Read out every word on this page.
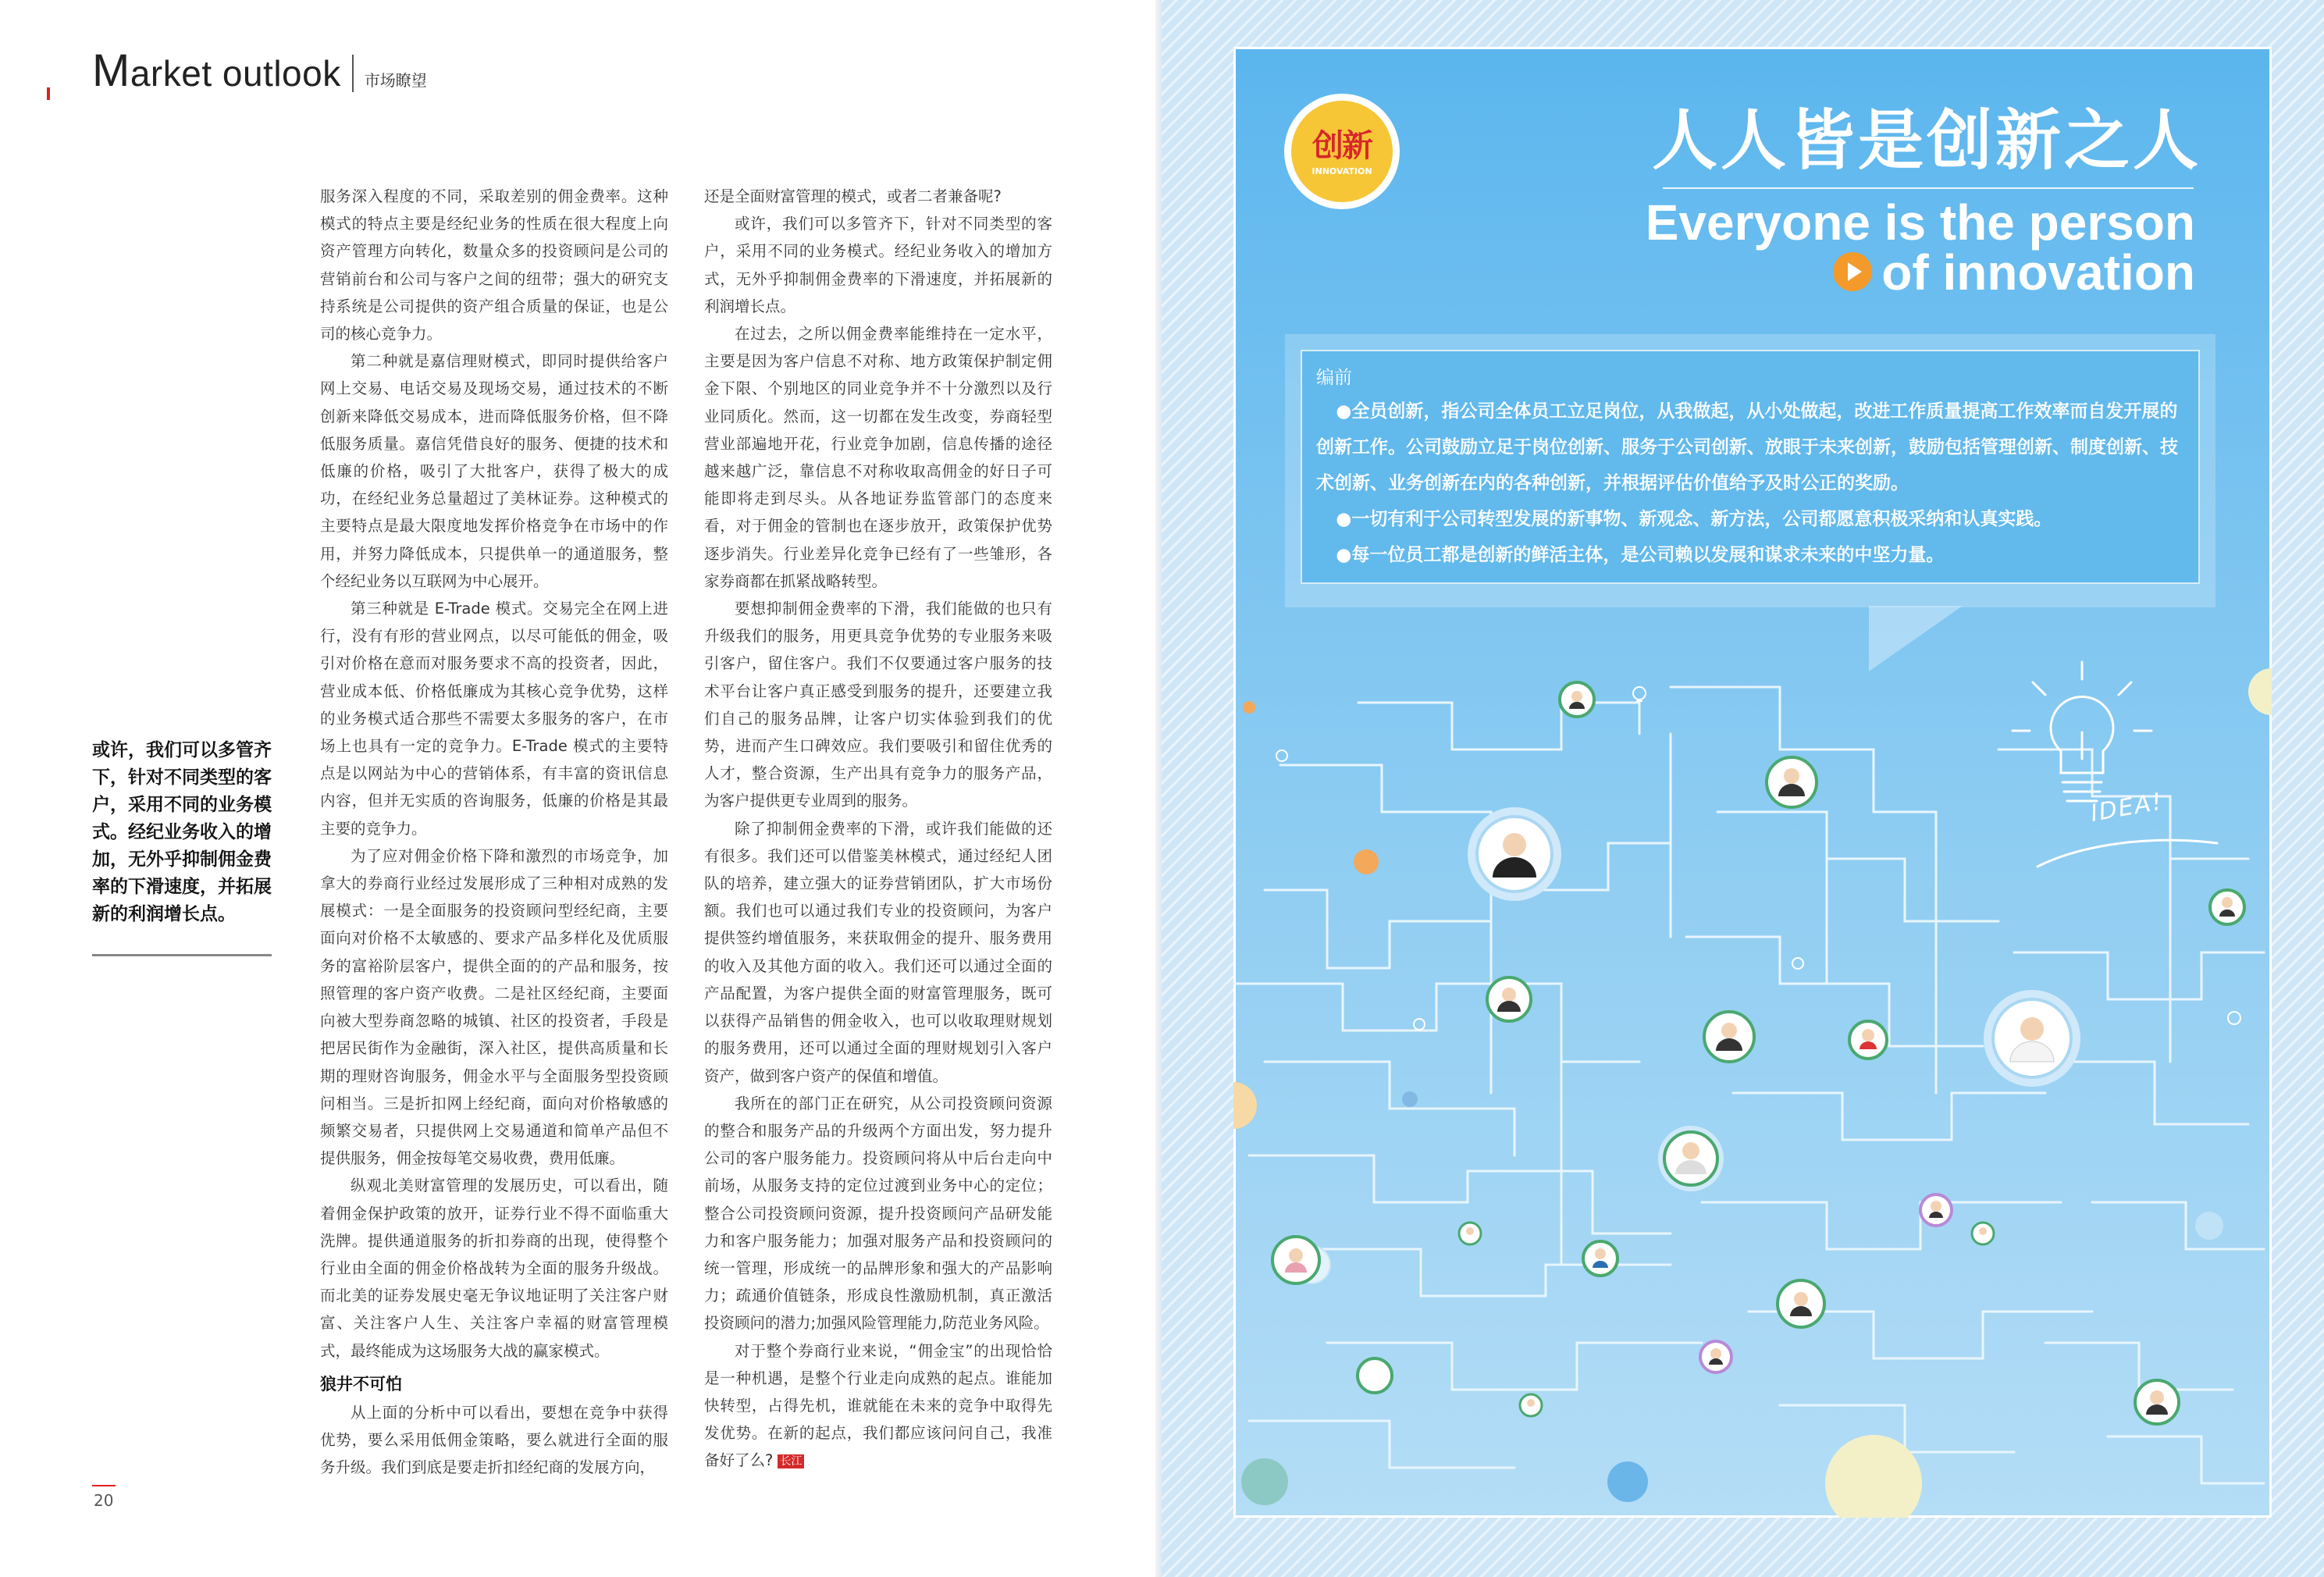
Market outlook 市场瞭望
或许，我们可以多管齐下，针对不同类型的客户，采用不同的业务模式。经纪业务收入的增加，无外乎抑制佣金费率的下滑速度，并拓展新的利润增长点。

服务深入程度的不同，采取差别的佣金费率。这种模式的特点主要是经纪业务的性质在很大程度上向资产管理方向转化，数量众多的投资顾问是公司的营销前台和公司与客户之间的纽带；强大的研究支持系统是公司提供的资产组合质量的保证，也是公司的核心竞争力。

第二种就是嘉信理财模式，即同时提供给客户网上交易、电话交易及现场交易，通过技术的不断创新来降低交易成本，进而降低服务价格，但不降低服务质量。嘉信凭借良好的服务、便捷的技术和低廉的价格，吸引了大批客户，获得了极大的成功，在经纪业务总量超过了美林证券。这种模式的主要特点是最大限度地发挥价格竞争在市场中的作用，并努力降低成本，只提供单一的通道服务，整个经纪业务以互联网为中心展开。

第三种就是 E-Trade 模式。交易完全在网上进行，没有有形的营业网点，以尽可能低的佣金，吸引对价格在意而对服务要求不高的投资者，因此，营业成本低、价格低廉成为其核心竞争优势，这样的业务模式适合那些不需要太多服务的客户，在市场上也具有一定的竞争力。E-Trade 模式的主要特点是以网站为中心的营销体系，有丰富的资讯信息内容，但并无实质的咨询服务，低廉的价格是其最主要的竞争力。

为了应对佣金价格下降和激烈的市场竞争，加拿大的券商行业经过发展形成了三种相对成熟的发展模式：一是全面服务的投资顾问型经纪商，主要面向对价格不太敏感的、要求产品多样化及优质服务的富裕阶层客户，提供全面的的产品和服务，按照管理的客户资产收费。二是社区经纪商，主要面向被大型券商忽略的城镇、社区的投资者，手段是把居民街作为金融街，深入社区，提供高质量和长期的理财咨询服务，佣金水平与全面服务型投资顾问相当。三是折扣网上经纪商，面向对价格敏感的频繁交易者，只提供网上交易通道和简单产品但不提供服务，佣金按每笔交易收费，费用低廉。

纵观北美财富管理的发展历史，可以看出，随着佣金保护政策的放开，证券行业不得不面临重大洗牌。提供通道服务的折扣券商的出现，使得整个行业由全面的佣金价格战转为全面的服务升级战。而北美的证券发展史毫无争议地证明了关注客户财富、关注客户人生、关注客户幸福的财富管理模式，最终能成为这场服务大战的赢家模式。

狼井不可怕

从上面的分析中可以看出，要想在竞争中获得优势，要么采用低佣金策略，要么就进行全面的服务升级。我们到底是要走折扣经纪商的发展方向，

还是全面财富管理的模式，或者二者兼备呢?

或许，我们可以多管齐下，针对不同类型的客户，采用不同的业务模式。经纪业务收入的增加方式，无外乎抑制佣金费率的下滑速度，并拓展新的利润增长点。

在过去，之所以佣金费率能维持在一定水平，主要是因为客户信息不对称、地方政策保护制定佣金下限、个别地区的同业竞争并不十分激烈以及行业同质化。然而，这一切都在发生改变，券商轻型营业部遍地开花，行业竞争加剧，信息传播的途径越来越广泛，靠信息不对称收取高佣金的好日子可能即将走到尽头。从各地证券监管部门的态度来看，对于佣金的管制也在逐步放开，政策保护优势逐步消失。行业差异化竞争已经有了一些雏形，各家券商都在抓紧战略转型。

要想抑制佣金费率的下滑，我们能做的也只有升级我们的服务，用更具竞争优势的专业服务来吸引客户，留住客户。我们不仅要通过客户服务的技术平台让客户真正感受到服务的提升，还要建立我们自己的服务品牌，让客户切实体验到我们的优势，进而产生口碑效应。我们要吸引和留住优秀的人才，整合资源，生产出具有竞争力的服务产品，为客户提供更专业周到的服务。

除了抑制佣金费率的下滑，或许我们能做的还有很多。我们还可以借鉴美林模式，通过经纪人团队的培养，建立强大的证券营销团队，扩大市场份额。我们也可以通过我们专业的投资顾问，为客户提供签约增值服务，来获取佣金的提升、服务费用的收入及其他方面的收入。我们还可以通过全面的产品配置，为客户提供全面的财富管理服务，既可以获得产品销售的佣金收入，也可以收取理财规划的服务费用，还可以通过全面的理财规划引入客户资产，做到客户资产的保值和增值。

我所在的部门正在研究，从公司投资顾问资源的整合和服务产品的升级两个方面出发，努力提升公司的客户服务能力。投资顾问将从中后台走向中前场，从服务支持的定位过渡到业务中心的定位；整合公司投资顾问资源，提升投资顾问产品研发能力和客户服务能力；加强对服务产品和投资顾问的统一管理，形成统一的品牌形象和强大的产品影响力；疏通价值链条，形成良性激励机制，真正激活投资顾问的潜力;加强风险管理能力,防范业务风险。

对于整个券商行业来说，“佣金宝”的出现恰恰是一种机遇，是整个行业走向成熟的起点。谁能加快转型，占得先机，谁就能在未来的竞争中取得先发优势。在新的起点，我们都应该问问自己，我准备好了么? 长江

20
创新
INNOVATION	人人皆是创新之人
Everyone is the person
of innovation
编前

●全员创新，指公司全体员工立足岗位，从我做起，从小处做起，改进工作质量提高工作效率而自发开展的创新工作。公司鼓励立足于岗位创新、服务于公司创新、放眼于未来创新，鼓励包括管理创新、制度创新、技术创新、业务创新在内的各种创新，并根据评估价值给予及时公正的奖励。

●一切有利于公司转型发展的新事物、新观念、新方法，公司都愿意积极采纳和认真实践。

●每一位员工都是创新的鲜活主体，是公司赖以发展和谋求未来的中坚力量。

IDEA!
